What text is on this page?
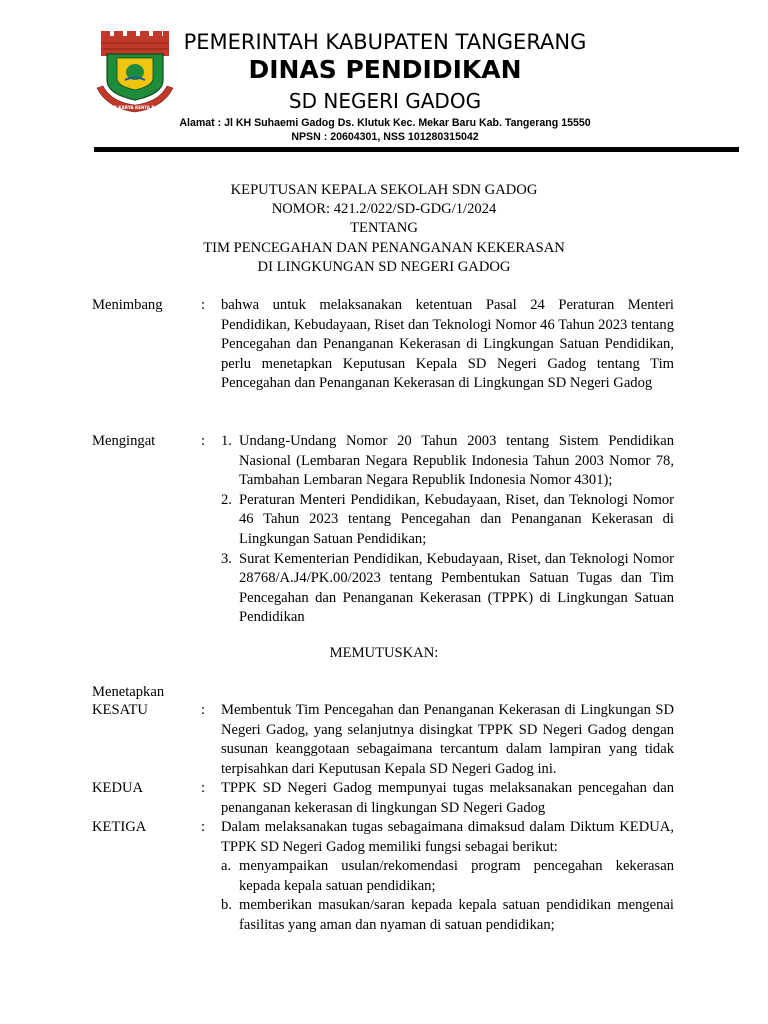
AKHLAQ KARYA KERTA RAHARJA
PEMERINTAH KABUPATEN TANGERANG
DINAS PENDIDIKAN
SD NEGERI GADOG
Alamat : Jl KH Suhaemi Gadog Ds. Klutuk Kec. Mekar Baru Kab. Tangerang 15550
NPSN : 20604301, NSS 101280315042
KEPUTUSAN KEPALA SEKOLAH SDN GADOG
NOMOR: 421.2/022/SD-GDG/1/2024
TENTANG
TIM PENCEGAHAN DAN PENANGANAN KEKERASAN
DI LINGKUNGAN SD NEGERI GADOG
Menimbang	: bahwa untuk melaksanakan ketentuan Pasal 24 Peraturan Menteri Pendidikan, Kebudayaan, Riset dan Teknologi Nomor 46 Tahun 2023 tentang Pencegahan dan Penanganan Kekerasan di Lingkungan Satuan Pendidikan, perlu menetapkan Keputusan Kepala SD Negeri Gadog tentang Tim Pencegahan dan Penanganan Kekerasan di Lingkungan SD Negeri Gadog
Mengingat	: 1. Undang-Undang Nomor 20 Tahun 2003 tentang Sistem Pendidikan Nasional (Lembaran Negara Republik Indonesia Tahun 2003 Nomor 78, Tambahan Lembaran Negara Republik Indonesia Nomor 4301);
2. Peraturan Menteri Pendidikan, Kebudayaan, Riset, dan Teknologi Nomor 46 Tahun 2023 tentang Pencegahan dan Penanganan Kekerasan di Lingkungan Satuan Pendidikan;
3. Surat Kementerian Pendidikan, Kebudayaan, Riset, dan Teknologi Nomor 28768/A.J4/PK.00/2023 tentang Pembentukan Satuan Tugas dan Tim Pencegahan dan Penanganan Kekerasan (TPPK) di Lingkungan Satuan Pendidikan
MEMUTUSKAN:
Menetapkan
KESATU	: Membentuk Tim Pencegahan dan Penanganan Kekerasan di Lingkungan SD Negeri Gadog, yang selanjutnya disingkat TPPK SD Negeri Gadog dengan susunan keanggotaan sebagaimana tercantum dalam lampiran yang tidak terpisahkan dari Keputusan Kepala SD Negeri Gadog ini.
KEDUA	: TPPK SD Negeri Gadog mempunyai tugas melaksanakan pencegahan dan penanganan kekerasan di lingkungan SD Negeri Gadog
KETIGA	: Dalam melaksanakan tugas sebagaimana dimaksud dalam Diktum KEDUA, TPPK SD Negeri Gadog memiliki fungsi sebagai berikut:
a. menyampaikan usulan/rekomendasi program pencegahan kekerasan kepada kepala satuan pendidikan;
b. memberikan masukan/saran kepada kepala satuan pendidikan mengenai fasilitas yang aman dan nyaman di satuan pendidikan;
